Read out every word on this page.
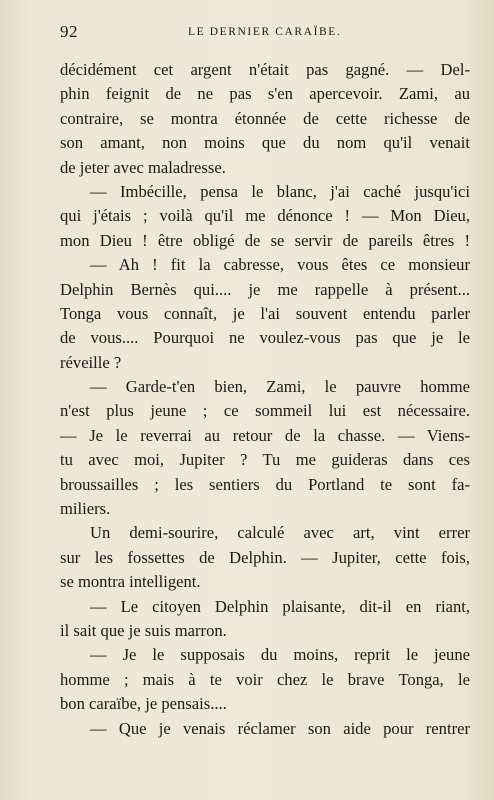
92	LE DERNIER CARAÏBE.
décidément cet argent n'était pas gagné. — Del-
phin feignit de ne pas s'en apercevoir. Zami, au
contraire, se montra étonnée de cette richesse de
son amant, non moins que du nom qu'il venait
de jeter avec maladresse.
— Imbécille, pensa le blanc, j'ai caché jusqu'ici
qui j'étais ; voilà qu'il me dénonce ! — Mon Dieu,
mon Dieu ! être obligé de se servir de pareils êtres !
— Ah ! fit la cabresse, vous êtes ce monsieur
Delphin Bernès qui.... je me rappelle à présent...
Tonga vous connaît, je l'ai souvent entendu parler
de vous.... Pourquoi ne voulez-vous pas que je le
réveille ?
— Garde-t'en bien, Zami, le pauvre homme
n'est plus jeune ; ce sommeil lui est nécessaire.
— Je le reverrai au retour de la chasse. — Viens-
tu avec moi, Jupiter ? Tu me guideras dans ces
broussailles ; les sentiers du Portland te sont fa-
miliers.
Un demi-sourire, calculé avec art, vint errer
sur les fossettes de Delphin. — Jupiter, cette fois,
se montra intelligent.
— Le citoyen Delphin plaisante, dit-il en riant,
il sait que je suis marron.
— Je le supposais du moins, reprit le jeune
homme ; mais à te voir chez le brave Tonga, le
bon caraïbe, je pensais....
— Que je venais réclamer son aide pour rentrer
